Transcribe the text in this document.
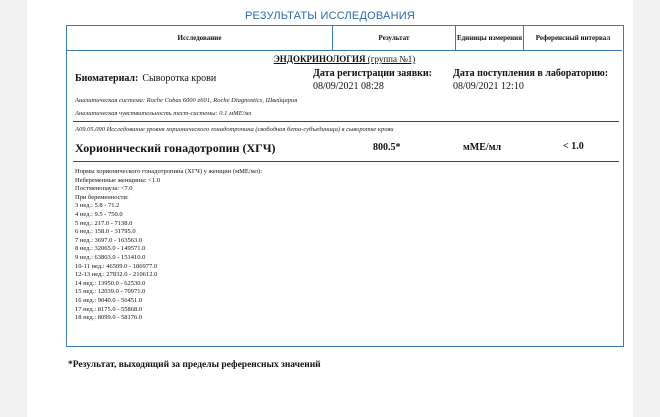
РЕЗУЛЬТАТЫ ИССЛЕДОВАНИЯ
Исследование	Результат	Единицы измерения	Референсный интервал
ЭНДОКРИНОЛОГИЯ (группа №1)
Биоматериал: Сыворотка крови	Дата регистрации заявки:
08/09/2021 08:28
Дата поступления в лабораторию:
08/09/2021 12:10
Аналитическая система: Roche Cobas 6000 e601, Roche Diagnostics, Швейцария
Аналитическая чувствительность тест-системы: 0.1 мМЕ/мл
A09.05.090 Исследование уровня хорионического гонадотропина (свободная бета-субъединица) в сыворотке крови
Хорионический гонадотропин (ХГЧ)	800.5*	мМЕ/мл	< 1.0
Нормы хорионического гонадотропина (ХГЧ) у женщин (мМЕ/мл):
Небеременные женщины: <1.0
Постменопауза: <7.0
При беременности:
3 нед.: 5.8 - 71.2
4 нед.: 9.5 - 750.0
5 нед.: 217.0 - 7138.0
6 нед.: 158.0 - 31795.0
7 нед.: 3697.0 - 163563.0
8 нед.: 32065.0 - 149571.0
9 нед.: 63803.0 - 151410.0
10-11 нед.: 46509.0 - 186977.0
12-13 нед.: 27832.0 - 210612.0
14 нед.: 13950.0 - 62530.0
15 нед.: 12039.0 - 70971.0
16 нед.: 9040.0 - 56451.0
17 нед.: 8175.0 - 55868.0
18 нед.: 8099.0 - 58176.0
*Результат, выходящий за пределы референсных значений
